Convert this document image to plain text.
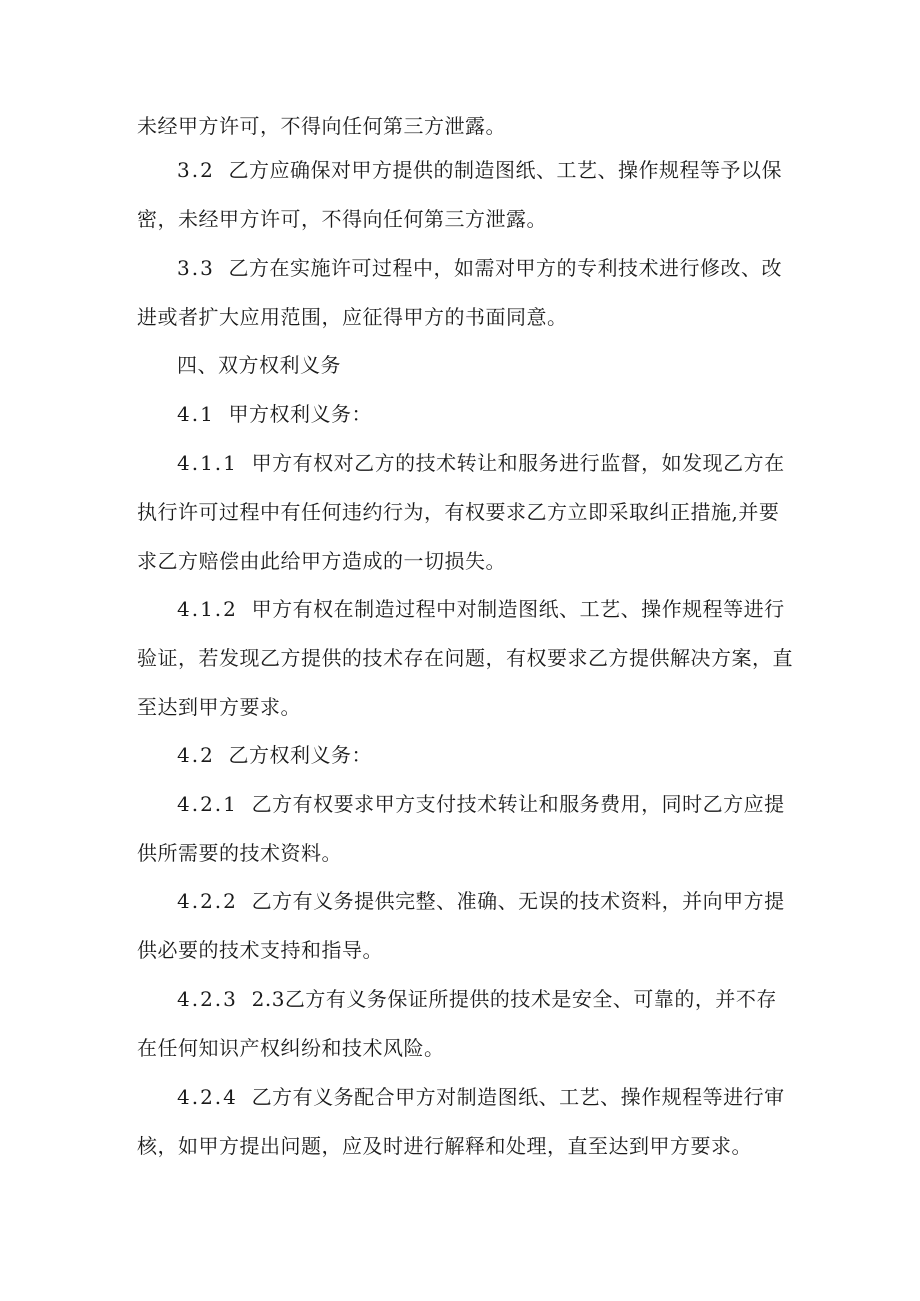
未经甲方许可，不得向任何第三方泄露。

3.2 乙方应确保对甲方提供的制造图纸、工艺、操作规程等予以保密，未经甲方许可，不得向任何第三方泄露。

3.3 乙方在实施许可过程中，如需对甲方的专利技术进行修改、改进或者扩大应用范围，应征得甲方的书面同意。

四、双方权利义务

4.1 甲方权利义务：

4.1.1 甲方有权对乙方的技术转让和服务进行监督，如发现乙方在执行许可过程中有任何违约行为，有权要求乙方立即采取纠正措施,并要求乙方赔偿由此给甲方造成的一切损失。

4.1.2 甲方有权在制造过程中对制造图纸、工艺、操作规程等进行验证，若发现乙方提供的技术存在问题，有权要求乙方提供解决方案，直至达到甲方要求。

4.2 乙方权利义务：

4.2.1 乙方有权要求甲方支付技术转让和服务费用，同时乙方应提供所需要的技术资料。

4.2.2 乙方有义务提供完整、准确、无误的技术资料，并向甲方提供必要的技术支持和指导。

4.2.3 2.3乙方有义务保证所提供的技术是安全、可靠的，并不存在任何知识产权纠纷和技术风险。

4.2.4 乙方有义务配合甲方对制造图纸、工艺、操作规程等进行审核，如甲方提出问题，应及时进行解释和处理，直至达到甲方要求。
